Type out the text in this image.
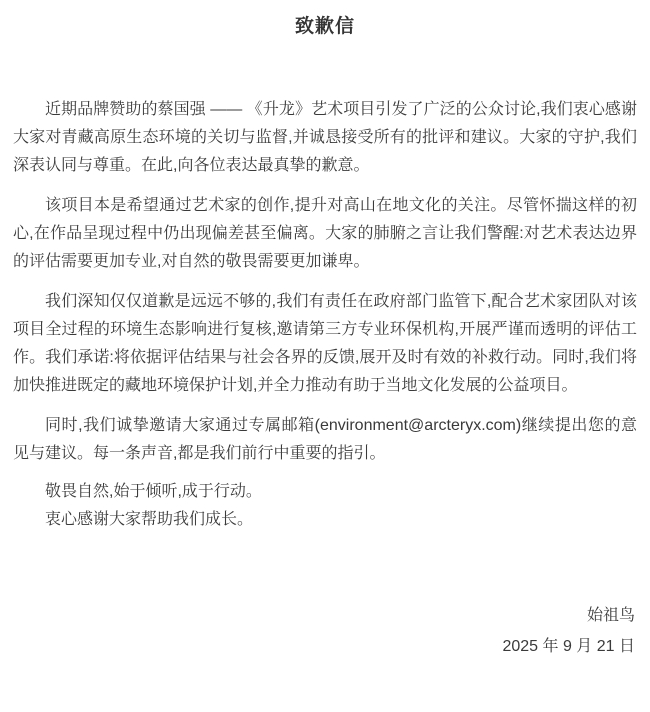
致歉信

近期品牌赞助的蔡国强 —— 《升龙》艺术项目引发了广泛的公众讨论,我们衷心感谢大家对青藏高原生态环境的关切与监督,并诚恳接受所有的批评和建议。大家的守护,我们深表认同与尊重。在此,向各位表达最真挚的歉意。

该项目本是希望通过艺术家的创作,提升对高山在地文化的关注。尽管怀揣这样的初心,在作品呈现过程中仍出现偏差甚至偏离。大家的肺腑之言让我们警醒:对艺术表达边界的评估需要更加专业,对自然的敬畏需要更加谦卑。

我们深知仅仅道歉是远远不够的,我们有责任在政府部门监管下,配合艺术家团队对该项目全过程的环境生态影响进行复核,邀请第三方专业环保机构,开展严谨而透明的评估工作。我们承诺:将依据评估结果与社会各界的反馈,展开及时有效的补救行动。同时,我们将加快推进既定的藏地环境保护计划,并全力推动有助于当地文化发展的公益项目。

同时,我们诚挚邀请大家通过专属邮箱(environment@arcteryx.com)继续提出您的意见与建议。每一条声音,都是我们前行中重要的指引。

敬畏自然,始于倾听,成于行动。

衷心感谢大家帮助我们成长。

始祖鸟

2025 年 9 月 21 日
